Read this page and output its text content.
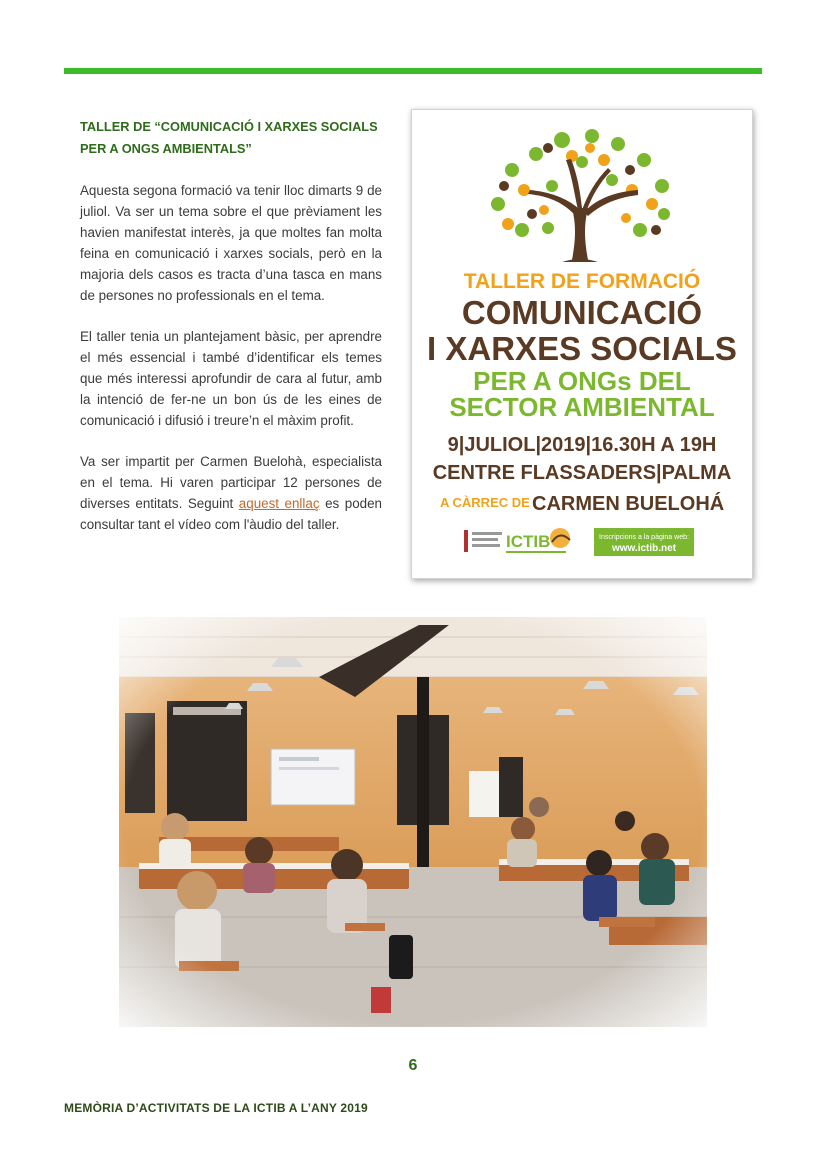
TALLER DE “COMUNICACIÓ I XARXES SOCIALS PER A ONGS AMBIENTALS”

Aquesta segona formació va tenir lloc dimarts 9 de juliol. Va ser un tema sobre el que prèviament les havien manifestat interès, ja que moltes fan molta feina en comunicació i xarxes socials, però en la majoria dels casos es tracta d’una tasca en mans de persones no professionals en el tema.

El taller tenia un plantejament bàsic, per aprendre el més essencial i també d’identificar els temes que més interessi aprofundir de cara al futur, amb la intenció de fer-ne un bon ús de les eines de comunicació i difusió i treure’n el màxim profit.

Va ser impartit per Carmen Buelohà, especialista en el tema. Hi varen participar 12 persones de diverses entitats. Seguint aquest enllaç es poden consultar tant el vídeo com l'àudio del taller.

TALLER DE FORMACIÓ
COMUNICACIÓ
I XARXES SOCIALS
PER A ONGs DEL
SECTOR AMBIENTAL
9|JULIOL|2019|16.30H A 19H
CENTRE FLASSADERS|PALMA
A CÀRREC DE CARMEN BUELOHÁ
ICTIB	Inscripcions a la pàgina web:
www.ictib.net
6
MEMÒRIA D’ACTIVITATS DE LA ICTIB A L’ANY 2019
